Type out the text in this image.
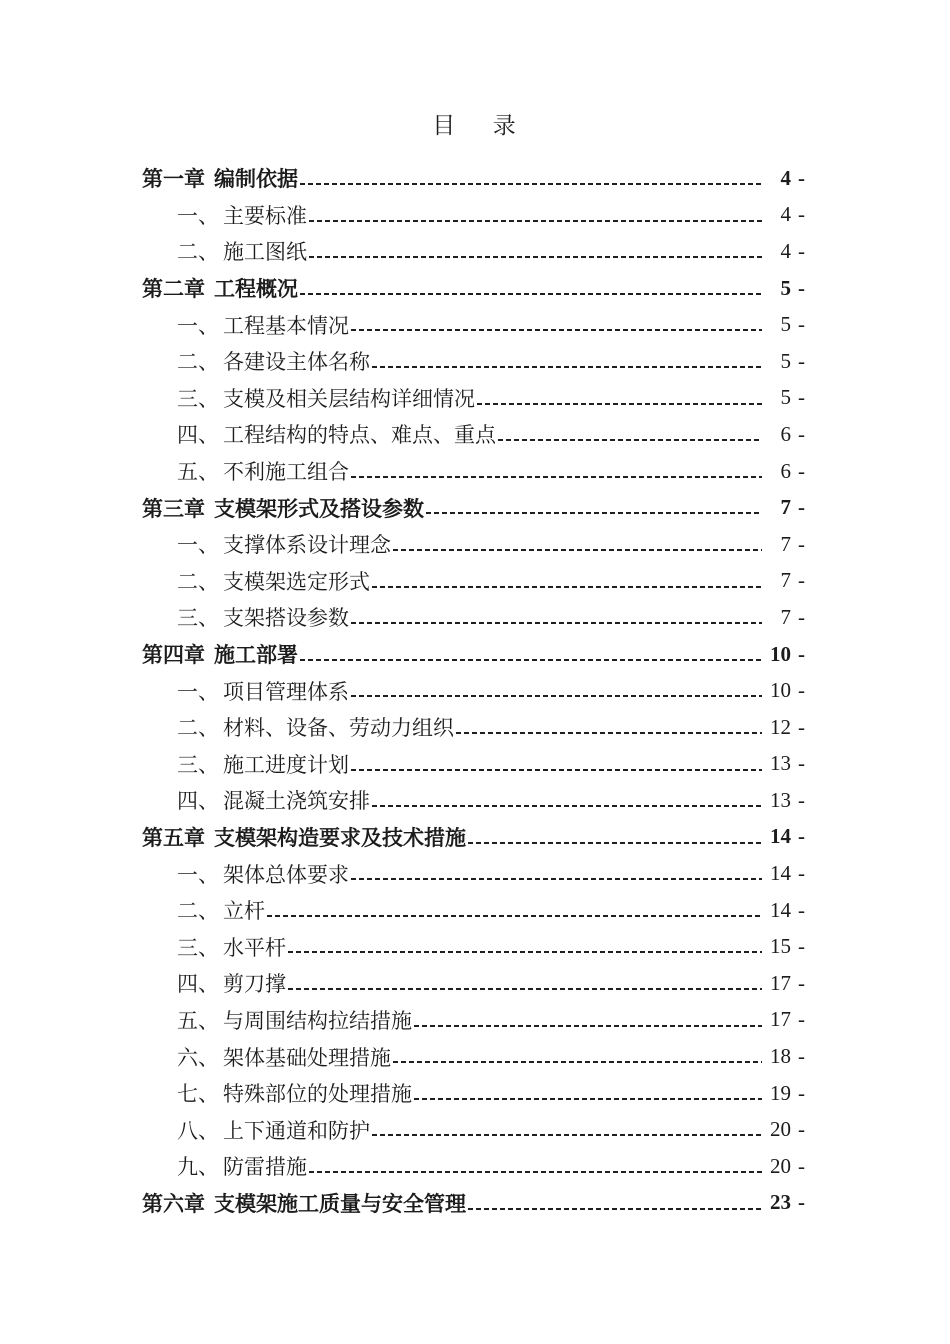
目  录
第一章 编制依据	4 -
一、 主要标准	4 -
二、 施工图纸	4 -
第二章 工程概况	5 -
一、 工程基本情况	5 -
二、 各建设主体名称	5 -
三、 支模及相关层结构详细情况	5 -
四、 工程结构的特点、难点、重点	6 -
五、 不利施工组合	6 -
第三章 支模架形式及搭设参数	7 -
一、 支撑体系设计理念	7 -
二、 支模架选定形式	7 -
三、 支架搭设参数	7 -
第四章 施工部署	10 -
一、 项目管理体系	10 -
二、 材料、设备、劳动力组织	12 -
三、 施工进度计划	13 -
四、 混凝土浇筑安排	13 -
第五章 支模架构造要求及技术措施	14 -
一、 架体总体要求	14 -
二、 立杆	14 -
三、 水平杆	15 -
四、 剪刀撑	17 -
五、 与周围结构拉结措施	17 -
六、 架体基础处理措施	18 -
七、 特殊部位的处理措施	19 -
八、 上下通道和防护	20 -
九、 防雷措施	20 -
第六章 支模架施工质量与安全管理	23 -
